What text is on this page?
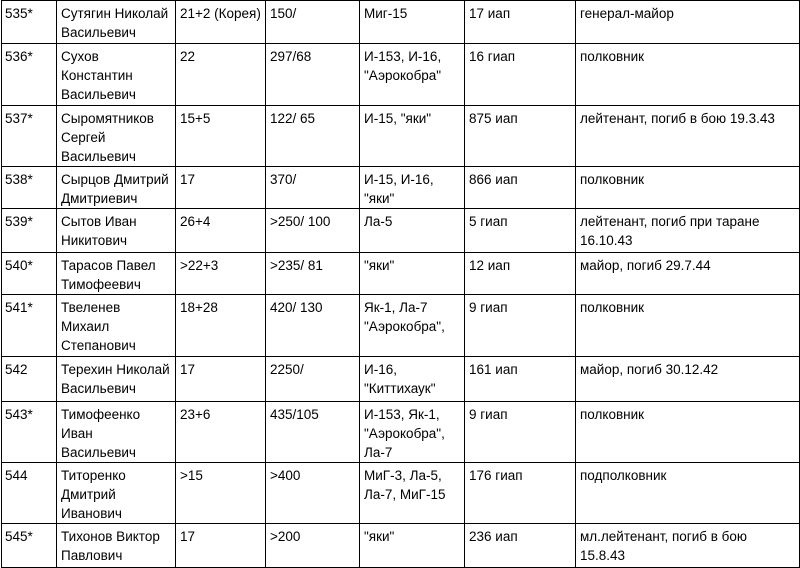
535*	Сутягин Николай Васильевич	21+2 (Корея)	150/	Миг-15	17 иап	генерал-майор
536*	Сухов Константин Васильевич	22	297/68	И-153, И-16, "Аэрокобра"	16 гиап	полковник
537*	Сыромятников Сергей Васильевич	15+5	122/ 65	И-15, "яки"	875 иап	лейтенант, погиб в бою 19.3.43
538*	Сырцов Дмитрий Дмитриевич	17	370/	И-15, И-16, "яки"	866 иап	полковник
539*	Сытов Иван Никитович	26+4	>250/ 100	Ла-5	5 гиап	лейтенант, погиб при таране 16.10.43
540*	Тарасов Павел Тимофеевич	>22+3	>235/ 81	"яки"	12 иап	майор, погиб 29.7.44
541*	Твеленев Михаил Степанович	18+28	420/ 130	Як-1, Ла-7 "Аэрокобра",	9 гиап	полковник
542	Терехин Николай Васильевич	17	2250/	И-16, "Киттихаук"	161 иап	майор, погиб 30.12.42
543*	Тимофеенко Иван Васильевич	23+6	435/105	И-153, Як-1, "Аэрокобра", Ла-7	9 гиап	полковник
544	Титоренко Дмитрий Иванович	>15	>400	МиГ-3, Ла-5, Ла-7, МиГ-15	176 гиап	подполковник
545*	Тихонов Виктор Павлович	17	>200	"яки"	236 иап	мл.лейтенант, погиб в бою 15.8.43
